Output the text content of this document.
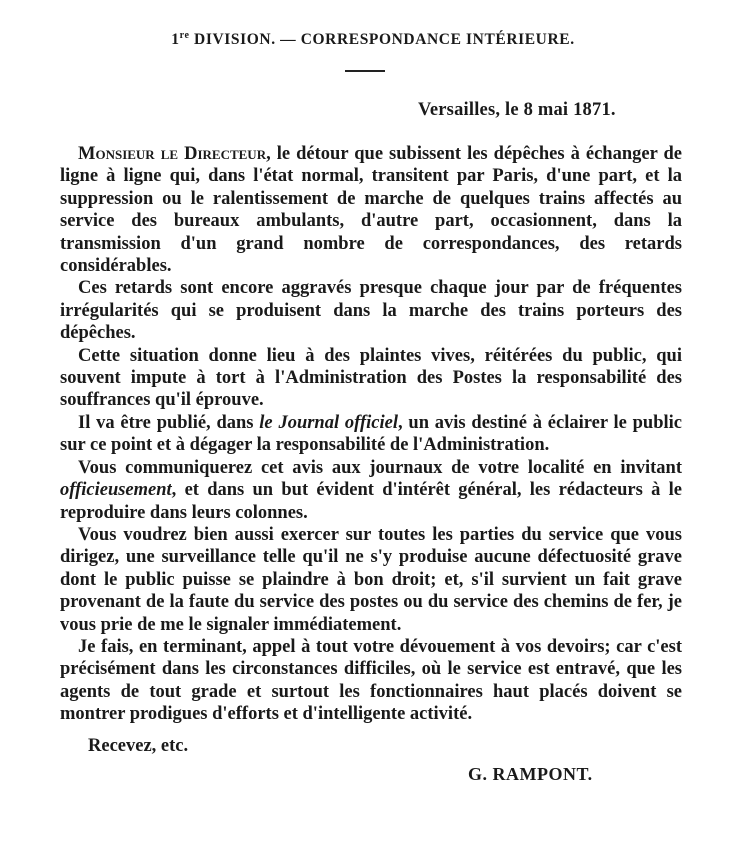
1re DIVISION. — CORRESPONDANCE INTÉRIEURE.
Versailles, le 8 mai 1871.

Monsieur le Directeur, le détour que subissent les dépêches à échanger de ligne à ligne qui, dans l'état normal, transitent par Paris, d'une part, et la suppression ou le ralentissement de marche de quelques trains affectés au service des bureaux ambulants, d'autre part, occasionnent, dans la transmission d'un grand nombre de correspondances, des retards considérables.

Ces retards sont encore aggravés presque chaque jour par de fréquentes irrégularités qui se produisent dans la marche des trains porteurs des dépêches.

Cette situation donne lieu à des plaintes vives, réitérées du public, qui souvent impute à tort à l'Administration des Postes la responsabilité des souffrances qu'il éprouve.

Il va être publié, dans le Journal officiel, un avis destiné à éclairer le public sur ce point et à dégager la responsabilité de l'Administration.

Vous communiquerez cet avis aux journaux de votre localité en invitant officieusement, et dans un but évident d'intérêt général, les rédacteurs à le reproduire dans leurs colonnes.

Vous voudrez bien aussi exercer sur toutes les parties du service que vous dirigez, une surveillance telle qu'il ne s'y produise aucune défectuosité grave dont le public puisse se plaindre à bon droit; et, s'il survient un fait grave provenant de la faute du service des postes ou du service des chemins de fer, je vous prie de me le signaler immédiatement.

Je fais, en terminant, appel à tout votre dévouement à vos devoirs; car c'est précisément dans les circonstances difficiles, où le service est entravé, que les agents de tout grade et surtout les fonctionnaires haut placés doivent se montrer prodigues d'efforts et d'intelligente activité.

Recevez, etc.
G. RAMPONT.
